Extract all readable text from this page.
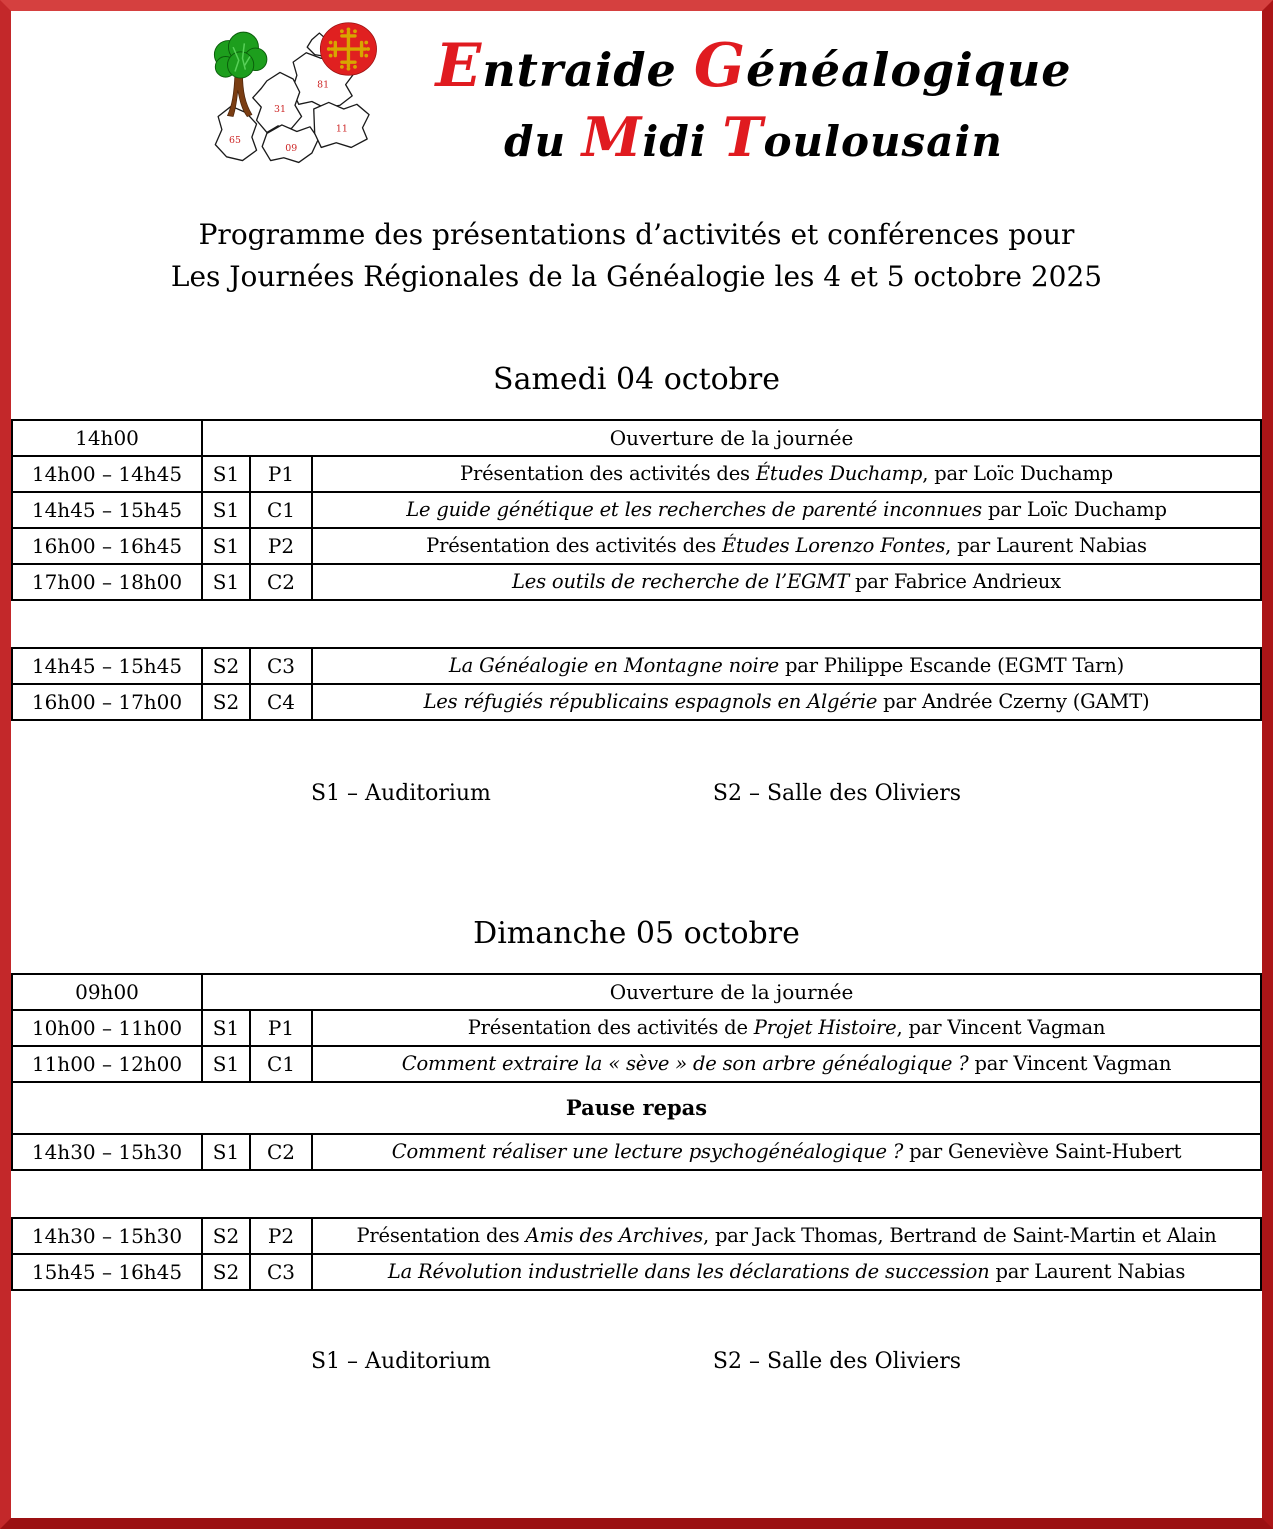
81
31
65
09
11
Entraide Généalogique
du Midi Toulousain
Programme des présentations d’activités et conférences pour
Les Journées Régionales de la Généalogie les 4 et 5 octobre 2025
Samedi 04 octobre
14h00	Ouverture de la journée		
14h00 – 14h45	S1	P1	Présentation des activités des Études Duchamp, par Loïc Duchamp
14h45 – 15h45	S1	C1	Le guide génétique et les recherches de parenté inconnues par Loïc Duchamp
16h00 – 16h45	S1	P2	Présentation des activités des Études Lorenzo Fontes, par Laurent Nabias
17h00 – 18h00	S1	C2	Les outils de recherche de l’EGMT par Fabrice Andrieux
14h45 – 15h45	S2	C3	La Généalogie en Montagne noire par Philippe Escande (EGMT Tarn)
16h00 – 17h00	S2	C4	Les réfugiés républicains espagnols en Algérie par Andrée Czerny (GAMT)
S1 – Auditorium	S2 – Salle des Oliviers
Dimanche 05 octobre
09h00	Ouverture de la journée		
10h00 – 11h00	S1	P1	Présentation des activités de Projet Histoire, par Vincent Vagman
11h00 – 12h00	S1	C1	Comment extraire la « sève » de son arbre généalogique ? par Vincent Vagman
Pause repas			
14h30 – 15h30	S1	C2	Comment réaliser une lecture psychogénéalogique ? par Geneviève Saint-Hubert
14h30 – 15h30	S2	P2	Présentation des Amis des Archives, par Jack Thomas, Bertrand de Saint-Martin et Alain
15h45 – 16h45	S2	C3	La Révolution industrielle dans les déclarations de succession par Laurent Nabias
S1 – Auditorium	S2 – Salle des Oliviers
